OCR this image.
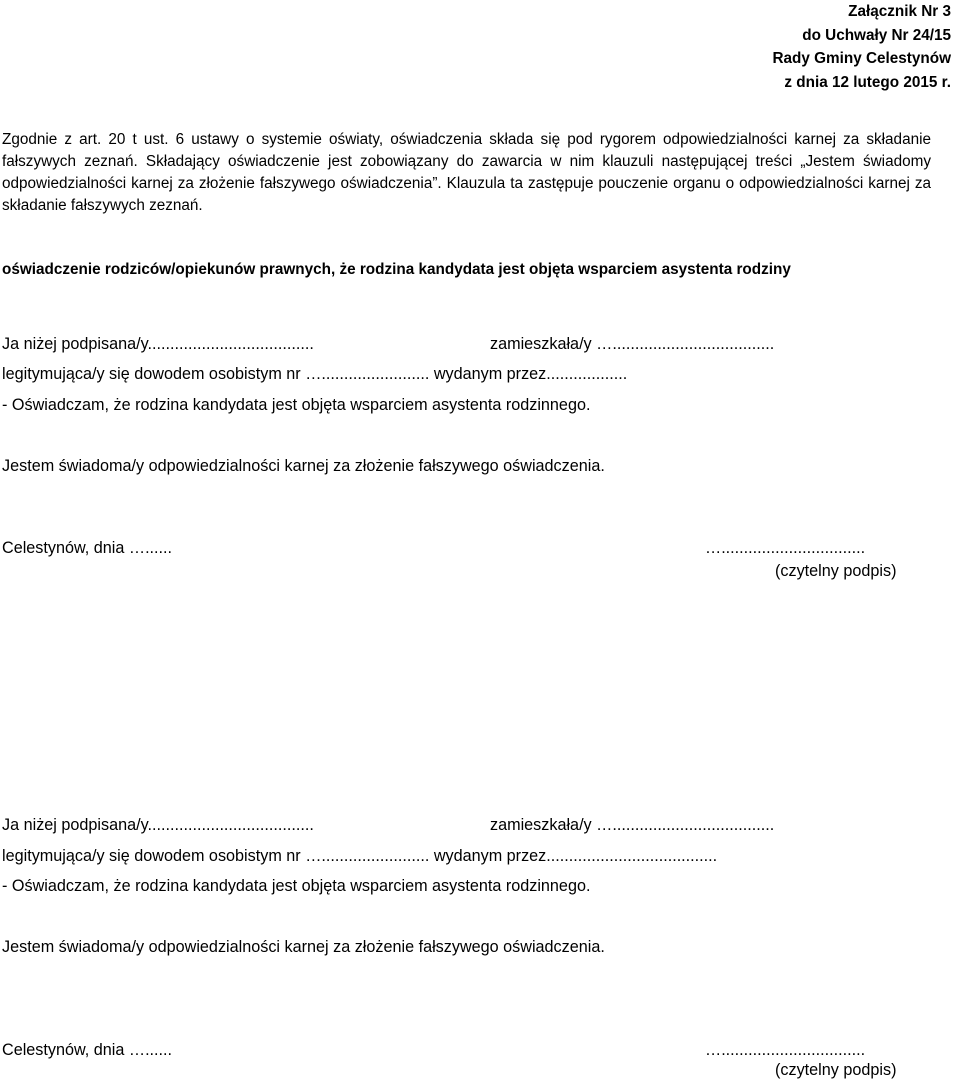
Załącznik Nr 3
do Uchwały Nr 24/15
Rady Gminy Celestynów
z dnia 12 lutego 2015 r.
Zgodnie z art. 20 t ust. 6 ustawy o systemie oświaty, oświadczenia składa się pod rygorem odpowiedzialności karnej za składanie fałszywych zeznań. Składający oświadczenie jest zobowiązany do zawarcia w nim klauzuli następującej treści „Jestem świadomy odpowiedzialności karnej za złożenie fałszywego oświadczenia”. Klauzula ta zastępuje pouczenie organu o odpowiedzialności karnej za składanie fałszywych zeznań.
oświadczenie rodziców/opiekunów prawnych, że rodzina kandydata jest objęta wsparciem asystenta rodziny
Ja niżej podpisana/y.....................................	zamieszkała/y …....................................
legitymująca/y się dowodem osobistym nr …........................ wydanym przez..................
- Oświadczam, że rodzina kandydata jest objęta wsparciem asystenta rodzinnego.
Jestem świadoma/y odpowiedzialności karnej za złożenie fałszywego oświadczenia.
Celestynów, dnia …......	…................................
(czytelny podpis)
Ja niżej podpisana/y.....................................	zamieszkała/y …....................................
legitymująca/y się dowodem osobistym nr …........................ wydanym przez......................................
- Oświadczam, że rodzina kandydata jest objęta wsparciem asystenta rodzinnego.
Jestem świadoma/y odpowiedzialności karnej za złożenie fałszywego oświadczenia.
Celestynów, dnia …......	…................................
(czytelny podpis)
